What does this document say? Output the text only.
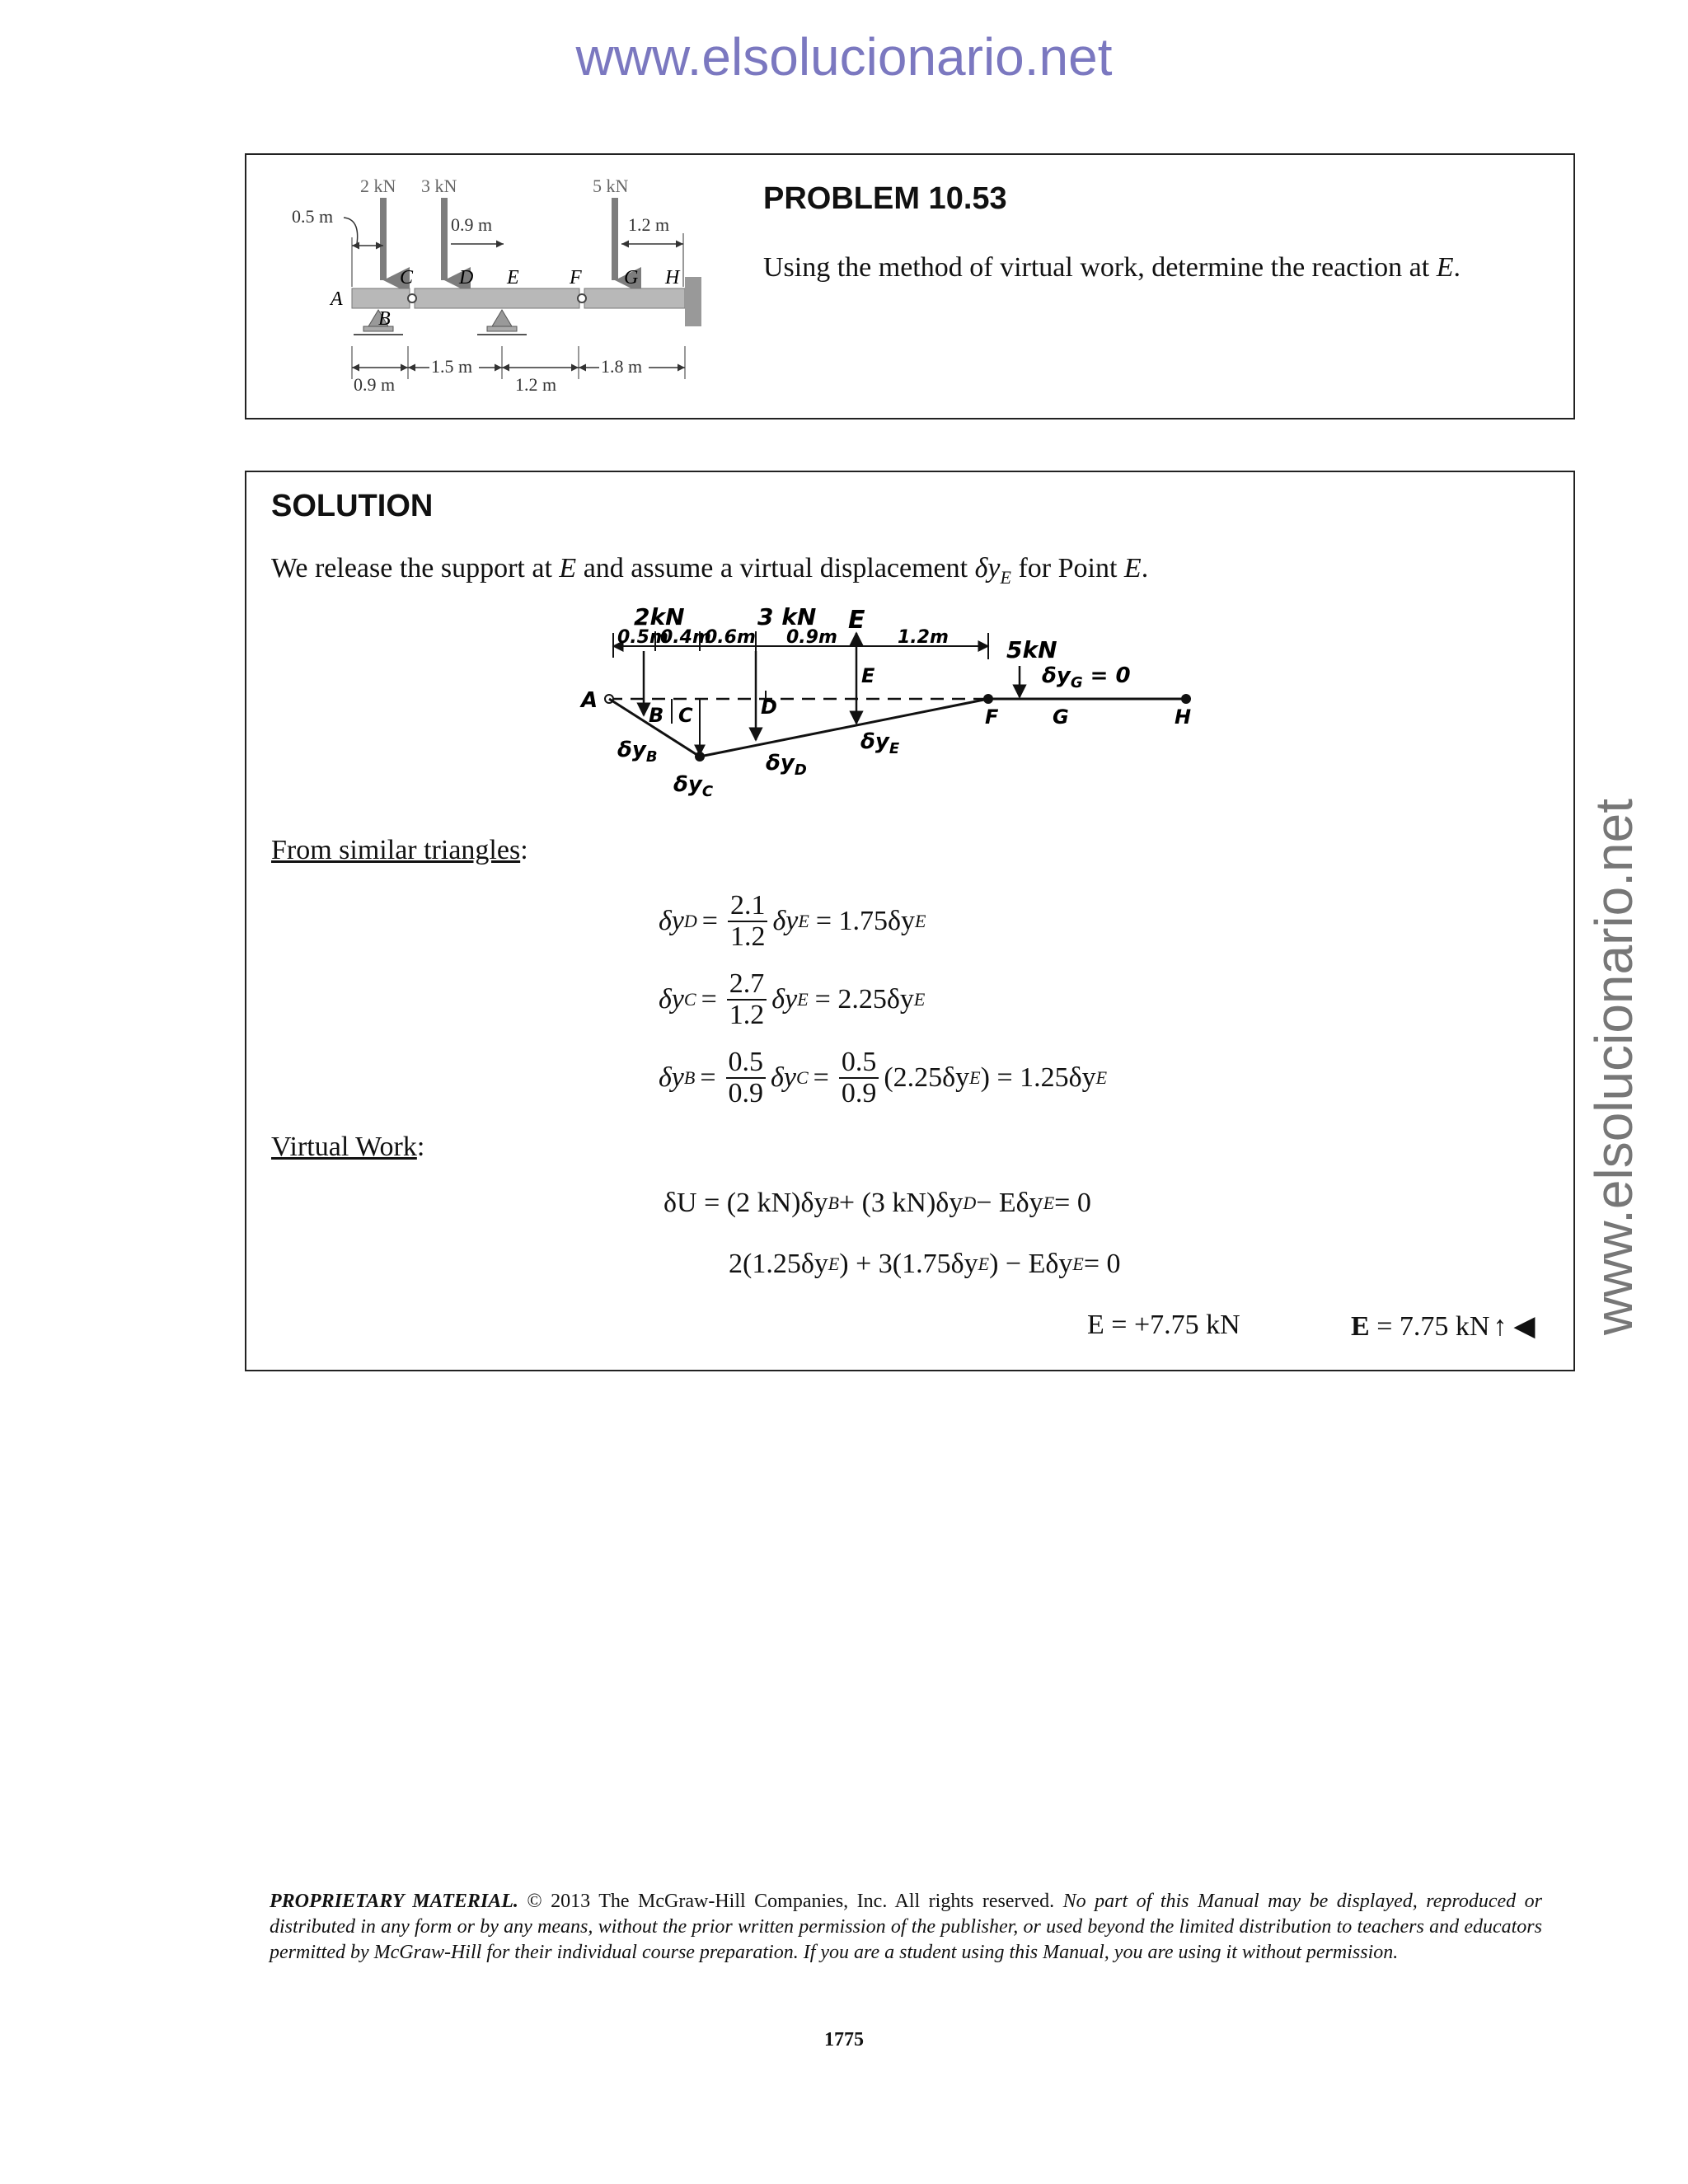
www.elsolucionario.net
www.elsolucionario.net
2 kN 3 kN	5 kN
0.5 m	0.9 m	1.2 m
A
B
C D E	F G H
0.9 m
1.5 m
1.2 m
1.8 m
PROBLEM 10.53
Using the method of virtual work, determine the reaction at E.
SOLUTION
We release the support at E and assume a virtual displacement $\delta y_E$ for Point E.
2kN	3 kN
5kN
0.5m
0.4m
0.6m 0.9m	1.2m
E
A
B C	D
E
F	G	H
$\delta y_G = 0$
$\delta y_B$
$\delta y_C$
$\delta y_D$
$\delta y_E$
From similar triangles:
δy $D = \frac{2.1}{1.2}$ δy E = 1.75δy E
δy $C = \frac{2.7}{1.2}$ δy E = 2.25δy E
δy $B = \frac{0.5}{0.9}$ δy $C = \frac{0.5}{0.9} (2.25\delta y$ E ) = 1.25δy E
Virtual Work:
δU = (2 kN)δy B + (3 kN)δy D − Eδy E = 0
2(1.25δy E ) + 3(1.75δy E ) − Eδy E = 0
E = +7.75 kN	E = 7.75 kN ↑ ◀
PROPRIETARY MATERIAL. © 2013 The McGraw-Hill Companies, Inc. All rights reserved. No part of this Manual may be displayed, reproduced or distributed in any form or by any means, without the prior written permission of the publisher, or used beyond the limited distribution to teachers and educators permitted by McGraw-Hill for their individual course preparation. If you are a student using this Manual, you are using it without permission.
1775
